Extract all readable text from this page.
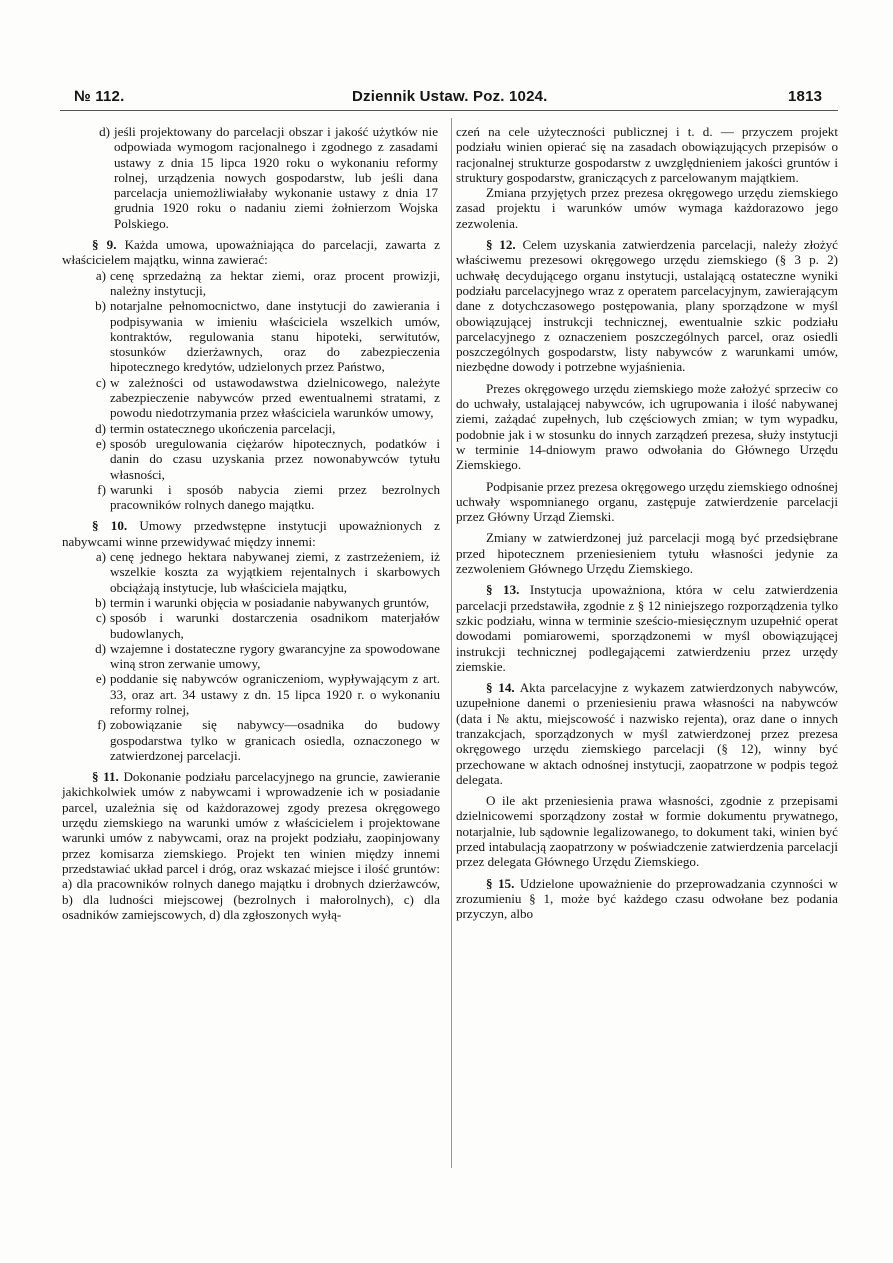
№ 112.	Dziennik Ustaw. Poz. 1024.	1813
d) jeśli projektowany do parcelacji obszar i jakość użytków nie odpowiada wymogom racjonalnego i zgodnego z zasadami ustawy z dnia 15 lipca 1920 roku o wykonaniu reformy rolnej, urządzenia nowych gospodarstw, lub jeśli dana parcelacja uniemożliwiałaby wykonanie ustawy z dnia 17 grudnia 1920 roku o nadaniu ziemi żołnierzom Wojska Polskiego.

§ 9. Każda umowa, upoważniająca do parcelacji, zawarta z właścicielem majątku, winna zawierać:

a) cenę sprzedażną za hektar ziemi, oraz procent prowizji, należny instytucji,
b) notarjalne pełnomocnictwo, dane instytucji do zawierania i podpisywania w imieniu właściciela wszelkich umów, kontraktów, regulowania stanu hipoteki, serwitutów, stosunków dzierżawnych, oraz do zabezpieczenia hipotecznego kredytów, udzielonych przez Państwo,
c) w zależności od ustawodawstwa dzielnicowego, należyte zabezpieczenie nabywców przed ewentualnemi stratami, z powodu niedotrzymania przez właściciela warunków umowy,
d) termin ostatecznego ukończenia parcelacji,
e) sposób uregulowania ciężarów hipotecznych, podatków i danin do czasu uzyskania przez nowonabywców tytułu własności,
f) warunki i sposób nabycia ziemi przez bezrolnych pracowników rolnych danego majątku.

§ 10. Umowy przedwstępne instytucji upoważnionych z nabywcami winne przewidywać między innemi:

a) cenę jednego hektara nabywanej ziemi, z zastrzeżeniem, iż wszelkie koszta za wyjątkiem rejentalnych i skarbowych obciążają instytucje, lub właściciela majątku,
b) termin i warunki objęcia w posiadanie nabywanych gruntów,
c) sposób i warunki dostarczenia osadnikom materjałów budowlanych,
d) wzajemne i dostateczne rygory gwarancyjne za spowodowane winą stron zerwanie umowy,
e) poddanie się nabywców ograniczeniom, wypływającym z art. 33, oraz art. 34 ustawy z dn. 15 lipca 1920 r. o wykonaniu reformy rolnej,
f) zobowiązanie się nabywcy—osadnika do budowy gospodarstwa tylko w granicach osiedla, oznaczonego w zatwierdzonej parcelacji.

§ 11. Dokonanie podziału parcelacyjnego na gruncie, zawieranie jakichkolwiek umów z nabywcami i wprowadzenie ich w posiadanie parcel, uzależnia się od każdorazowej zgody prezesa okręgowego urzędu ziemskiego na warunki umów z właścicielem i projektowane warunki umów z nabywcami, oraz na projekt podziału, zaopinjowany przez komisarza ziemskiego. Projekt ten winien między innemi przedstawiać układ parcel i dróg, oraz wskazać miejsce i ilość gruntów: a) dla pracowników rolnych danego majątku i drobnych dzierżawców, b) dla ludności miejscowej (bezrolnych i małorolnych), c) dla osadników zamiejscowych, d) dla zgłoszonych wyłą-

czeń na cele użyteczności publicznej i t. d. — przyczem projekt podziału winien opierać się na zasadach obowiązujących przepisów o racjonalnej strukturze gospodarstw z uwzględnieniem jakości gruntów i struktury gospodarstw, graniczących z parcelowanym majątkiem.

Zmiana przyjętych przez prezesa okręgowego urzędu ziemskiego zasad projektu i warunków umów wymaga każdorazowo jego zezwolenia.

§ 12. Celem uzyskania zatwierdzenia parcelacji, należy złożyć właściwemu prezesowi okręgowego urzędu ziemskiego (§ 3 p. 2) uchwałę decydującego organu instytucji, ustalającą ostateczne wyniki podziału parcelacyjnego wraz z operatem parcelacyjnym, zawierającym dane z dotychczasowego postępowania, plany sporządzone w myśl obowiązującej instrukcji technicznej, ewentualnie szkic podziału parcelacyjnego z oznaczeniem poszczególnych parcel, oraz osiedli poszczególnych gospodarstw, listy nabywców z warunkami umów, niezbędne dowody i potrzebne wyjaśnienia.

Prezes okręgowego urzędu ziemskiego może założyć sprzeciw co do uchwały, ustalającej nabywców, ich ugrupowania i ilość nabywanej ziemi, zażądać zupełnych, lub częściowych zmian; w tym wypadku, podobnie jak i w stosunku do innych zarządzeń prezesa, służy instytucji w terminie 14-dniowym prawo odwołania do Głównego Urzędu Ziemskiego.

Podpisanie przez prezesa okręgowego urzędu ziemskiego odnośnej uchwały wspomnianego organu, zastępuje zatwierdzenie parcelacji przez Główny Urząd Ziemski.

Zmiany w zatwierdzonej już parcelacji mogą być przedsiębrane przed hipotecznem przeniesieniem tytułu własności jedynie za zezwoleniem Głównego Urzędu Ziemskiego.

§ 13. Instytucja upoważniona, która w celu zatwierdzenia parcelacji przedstawiła, zgodnie z § 12 niniejszego rozporządzenia tylko szkic podziału, winna w terminie sześcio-miesięcznym uzupełnić operat dowodami pomiarowemi, sporządzonemi w myśl obowiązującej instrukcji technicznej podlegającemi zatwierdzeniu przez urzędy ziemskie.

§ 14. Akta parcelacyjne z wykazem zatwierdzonych nabywców, uzupełnione danemi o przeniesieniu prawa własności na nabywców (data i № aktu, miejscowość i nazwisko rejenta), oraz dane o innych tranzakcjach, sporządzonych w myśl zatwierdzonej przez prezesa okręgowego urzędu ziemskiego parcelacji (§ 12), winny być przechowane w aktach odnośnej instytucji, zaopatrzone w podpis tegoż delegata.

O ile akt przeniesienia prawa własności, zgodnie z przepisami dzielnicowemi sporządzony został w formie dokumentu prywatnego, notarjalnie, lub sądownie legalizowanego, to dokument taki, winien być przed intabulacją zaopatrzony w poświadczenie zatwierdzenia parcelacji przez delegata Głównego Urzędu Ziemskiego.

§ 15. Udzielone upoważnienie do przeprowadzania czynności w zrozumieniu § 1, może być każdego czasu odwołane bez podania przyczyn, albo
